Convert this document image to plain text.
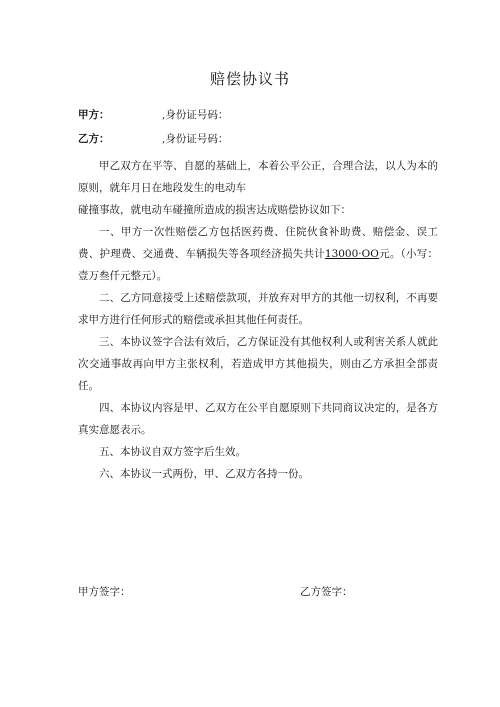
赔偿协议书
甲方：	,身份证号码：
乙方：	,身份证号码：

甲乙双方在平等、自愿的基础上，本着公平公正，合理合法，以人为本的原则，就年月日在地段发生的电动车

碰撞事故，就电动车碰撞所造成的损害达成赔偿协议如下：

一、甲方一次性赔偿乙方包括医药费、住院伙食补助费、赔偿金、误工费、护理费、交通费、车辆损失等各项经济损失共计13000·OO元。（小写：壹万叁仟元整元）。

二、乙方同意接受上述赔偿款项，并放弃对甲方的其他一切权利，不再要求甲方进行任何形式的赔偿或承担其他任何责任。

三、本协议签字合法有效后，乙方保证没有其他权利人或利害关系人就此次交通事故再向甲方主张权利，若造成甲方其他损失，则由乙方承担全部责任。

四、本协议内容是甲、乙双方在公平自愿原则下共同商议决定的，是各方真实意愿表示。

五、本协议自双方签字后生效。

六、本协议一式两份，甲、乙双方各持一份。

甲方签字：	乙方签字：
